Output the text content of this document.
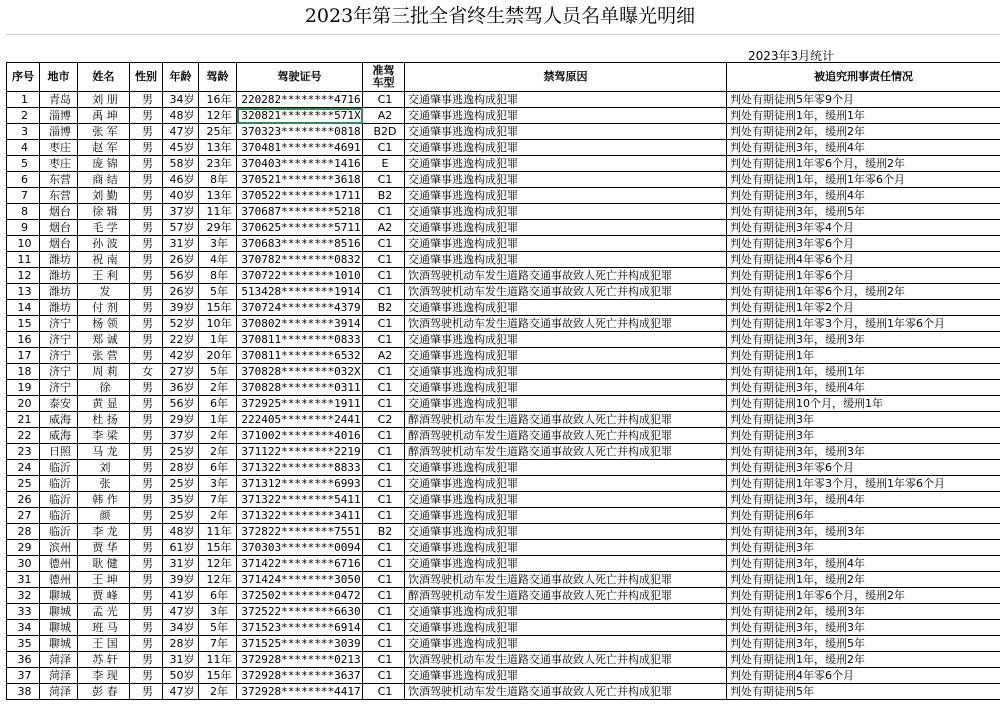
2023年第三批全省终生禁驾人员名单曝光明细
2023年3月统计
序号	地市	姓名	性别	年龄	驾龄	驾驶证号	准驾车型	禁驾原因	被追究刑事责任情况
1	青岛	刘 朋	男	34岁	16年	220282********4716	C1	交通肇事逃逸构成犯罪	判处有期徒刑5年零9个月
2	淄博	禹 坤	男	48岁	12年	320821********571X	A2	交通肇事逃逸构成犯罪	判处有期徒刑1年，缓刑1年
3	淄博	张 军	男	47岁	25年	370323********0818	B2D	交通肇事逃逸构成犯罪	判处有期徒刑2年，缓刑2年
4	枣庄	赵 军	男	45岁	13年	370481********4691	C1	交通肇事逃逸构成犯罪	判处有期徒刑3年，缓刑4年
5	枣庄	庞 锦	男	58岁	23年	370403********1416	E	交通肇事逃逸构成犯罪	判处有期徒刑1年零6个月，缓刑2年
6	东营	商 结	男	46岁	8年	370521********3618	C1	交通肇事逃逸构成犯罪	判处有期徒刑1年，缓刑1年零6个月
7	东营	刘 勤	男	40岁	13年	370522********1711	B2	交通肇事逃逸构成犯罪	判处有期徒刑3年，缓刑4年
8	烟台	徐 辑	男	37岁	11年	370687********5218	C1	交通肇事逃逸构成犯罪	判处有期徒刑3年，缓刑5年
9	烟台	毛 学	男	57岁	29年	370625********5711	A2	交通肇事逃逸构成犯罪	判处有期徒刑3年零4个月
10	烟台	孙 波	男	31岁	3年	370683********8516	C1	交通肇事逃逸构成犯罪	判处有期徒刑3年零6个月
11	潍坊	祝 南	男	26岁	4年	370782********0832	C1	交通肇事逃逸构成犯罪	判处有期徒刑4年零6个月
12	潍坊	王 利	男	56岁	8年	370722********1010	C1	饮酒驾驶机动车发生道路交通事故致人死亡并构成犯罪	判处有期徒刑1年零6个月
13	潍坊	发	男	26岁	5年	513428********1914	C1	饮酒驾驶机动车发生道路交通事故致人死亡并构成犯罪	判处有期徒刑1年零6个月，缓刑2年
14	潍坊	付 剂	男	39岁	15年	370724********4379	B2	交通肇事逃逸构成犯罪	判处有期徒刑1年零2个月
15	济宁	杨 领	男	52岁	10年	370802********3914	C1	饮酒驾驶机动车发生道路交通事故致人死亡并构成犯罪	判处有期徒刑1年零3个月，缓刑1年零6个月
16	济宁	郑 诚	男	22岁	1年	370811********0833	C1	交通肇事逃逸构成犯罪	判处有期徒刑3年，缓刑3年
17	济宁	张 营	男	42岁	20年	370811********6532	A2	交通肇事逃逸构成犯罪	判处有期徒刑1年
18	济宁	周 莉	女	27岁	5年	370828********032X	C1	交通肇事逃逸构成犯罪	判处有期徒刑1年，缓刑1年
19	济宁	徐	男	36岁	2年	370828********0311	C1	交通肇事逃逸构成犯罪	判处有期徒刑3年，缓刑4年
20	泰安	黄 显	男	56岁	6年	372925********1911	C1	交通肇事逃逸构成犯罪	判处有期徒刑10个月，缓刑1年
21	威海	杜 扬	男	29岁	1年	222405********2441	C2	醉酒驾驶机动车发生道路交通事故致人死亡并构成犯罪	判处有期徒刑3年
22	威海	李 梁	男	37岁	2年	371002********4016	C1	醉酒驾驶机动车发生道路交通事故致人死亡并构成犯罪	判处有期徒刑3年
23	日照	马 龙	男	25岁	2年	371122********2219	C1	醉酒驾驶机动车发生道路交通事故致人死亡并构成犯罪	判处有期徒刑3年，缓刑3年
24	临沂	刘	男	28岁	6年	371322********8833	C1	交通肇事逃逸构成犯罪	判处有期徒刑3年零6个月
25	临沂	张	男	25岁	3年	371312********6993	C1	交通肇事逃逸构成犯罪	判处有期徒刑1年零3个月，缓刑1年零6个月
26	临沂	韩 作	男	35岁	7年	371322********5411	C1	交通肇事逃逸构成犯罪	判处有期徒刑3年，缓刑4年
27	临沂	颜	男	25岁	2年	371322********3411	C1	交通肇事逃逸构成犯罪	判处有期徒刑6年
28	临沂	李 龙	男	48岁	11年	372822********7551	B2	交通肇事逃逸构成犯罪	判处有期徒刑3年，缓刑3年
29	滨州	贾 华	男	61岁	15年	370303********0094	C1	交通肇事逃逸构成犯罪	判处有期徒刑3年
30	德州	耿 健	男	31岁	12年	371422********6716	C1	交通肇事逃逸构成犯罪	判处有期徒刑3年，缓刑4年
31	德州	王 坤	男	39岁	12年	371424********3050	C1	饮酒驾驶机动车发生道路交通事故致人死亡并构成犯罪	判处有期徒刑1年，缓刑2年
32	聊城	贾 峰	男	41岁	6年	372502********0472	C1	醉酒驾驶机动车发生道路交通事故致人死亡并构成犯罪	判处有期徒刑1年零6个月，缓刑2年
33	聊城	孟 光	男	47岁	3年	372522********6630	C1	交通肇事逃逸构成犯罪	判处有期徒刑2年，缓刑3年
34	聊城	班 马	男	34岁	5年	371523********6914	C1	交通肇事逃逸构成犯罪	判处有期徒刑3年，缓刑3年
35	聊城	王 国	男	28岁	7年	371525********3039	C1	交通肇事逃逸构成犯罪	判处有期徒刑3年，缓刑5年
36	菏泽	苏 轩	男	31岁	11年	372928********0213	C1	饮酒驾驶机动车发生道路交通事故致人死亡并构成犯罪	判处有期徒刑1年，缓刑2年
37	菏泽	李 现	男	50岁	15年	372928********3637	C1	交通肇事逃逸构成犯罪	判处有期徒刑4年零6个月
38	菏泽	彭 春	男	47岁	2年	372928********4417	C1	饮酒驾驶机动车发生道路交通事故致人死亡并构成犯罪	判处有期徒刑5年
